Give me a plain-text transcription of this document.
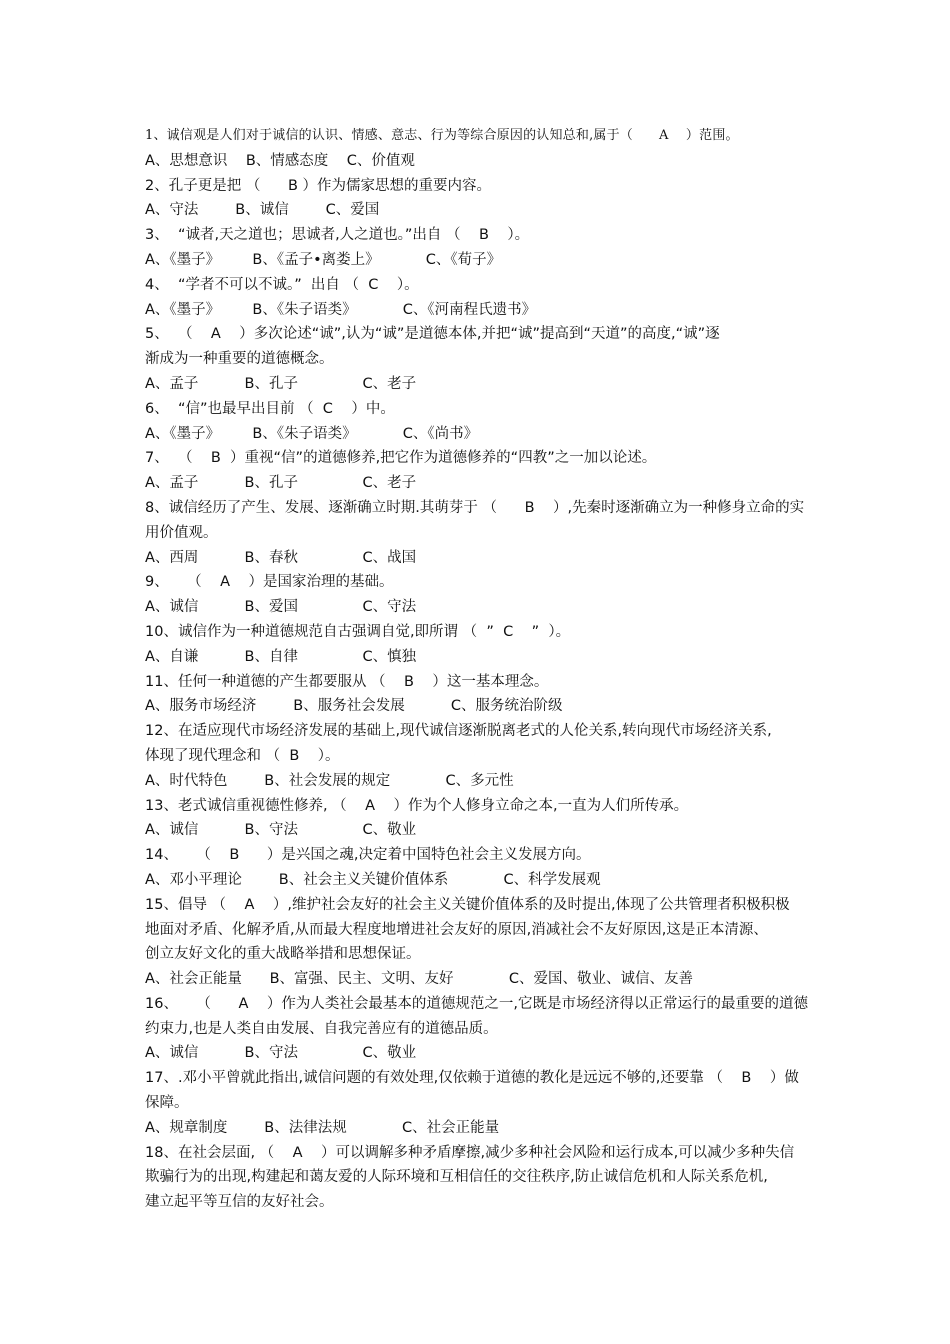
1、诚信观是人们对于诚信的认识、情感、意志、行为等综合原因的认知总和,属于（      A    ）范围。
A、思想意识    B、情感态度    C、价值观
2、孔子更是把 （      B ）作为儒家思想的重要内容。
A、守法        B、诚信        C、爱国
3、  “诚者,天之道也；思诚者,人之道也。”出自 （    B    ）。
A、《墨子》       B、《孟子•离娄上》          C、《荀子》
4、  “学者不可以不诚。”  出自 （  C    ）。
A、《墨子》       B、《朱子语类》          C、《河南程氏遗书》
5、  （    A    ）多次论述“诚”,认为“诚”是道德本体,并把“诚”提高到“天道”的高度,“诚”逐
渐成为一种重要的道德概念。
A、孟子          B、孔子              C、老子
6、  “信”也最早出目前 （  C    ）中。
A、《墨子》       B、《朱子语类》          C、《尚书》
7、  （    B  ）重视“信”的道德修养,把它作为道德修养的“四教”之一加以论述。
A、孟子          B、孔子              C、老子
8、诚信经历了产生、发展、逐渐确立时期.其萌芽于 （      B    ）,先秦时逐渐确立为一种修身立命的实
用价值观。
A、西周          B、春秋              C、战国
9、    （    A    ）是国家治理的基础。
A、诚信          B、爱国              C、守法
10、诚信作为一种道德规范自古强调自觉,即所谓 （  ”  C    ”  ）。
A、自谦          B、自律              C、慎独
11、任何一种道德的产生都要服从 （    B    ）这一基本理念。
A、服务市场经济        B、服务社会发展          C、服务统治阶级
12、在适应现代市场经济发展的基础上,现代诚信逐渐脱离老式的人伦关系,转向现代市场经济关系,
体现了现代理念和 （  B    ）。
A、时代特色        B、社会发展的规定            C、多元性
13、老式诚信重视德性修养, （    A    ）作为个人修身立命之本,一直为人们所传承。
A、诚信          B、守法              C、敬业
14、    （    B      ）是兴国之魂,决定着中国特色社会主义发展方向。
A、邓小平理论        B、社会主义关键价值体系            C、科学发展观
15、倡导 （    A    ）,维护社会友好的社会主义关键价值体系的及时提出,体现了公共管理者积极积极
地面对矛盾、化解矛盾,从而最大程度地增进社会友好的原因,消减社会不友好原因,这是正本清源、
创立友好文化的重大战略举措和思想保证。
A、社会正能量      B、富强、民主、文明、友好            C、爱国、敬业、诚信、友善
16、    （      A    ）作为人类社会最基本的道德规范之一,它既是市场经济得以正常运行的最重要的道德
约束力,也是人类自由发展、自我完善应有的道德品质。
A、诚信          B、守法              C、敬业
17、.邓小平曾就此指出,诚信问题的有效处理,仅依赖于道德的教化是远远不够的,还要靠 （    B    ）做
保障。
A、规章制度        B、法律法规            C、社会正能量
18、在社会层面, （    A    ）可以调解多种矛盾摩擦,减少多种社会风险和运行成本,可以减少多种失信
欺骗行为的出现,构建起和蔼友爱的人际环境和互相信任的交往秩序,防止诚信危机和人际关系危机,
建立起平等互信的友好社会。
